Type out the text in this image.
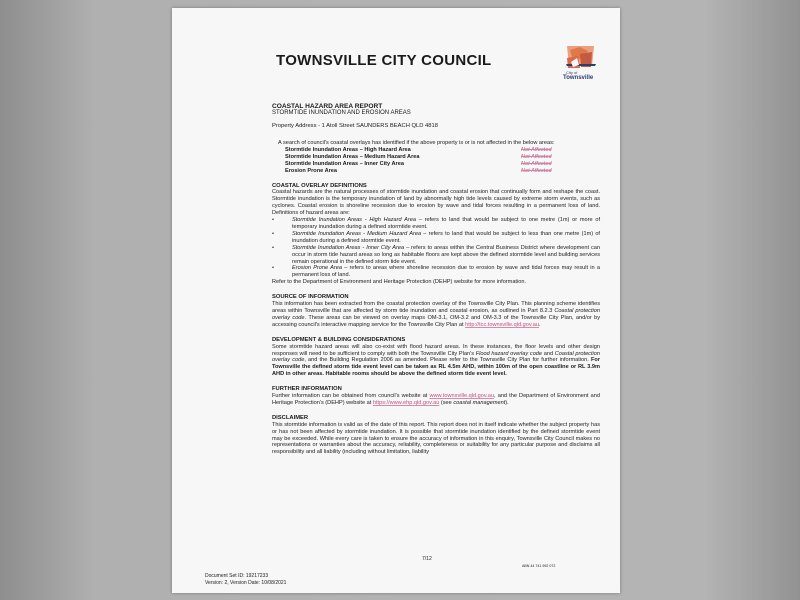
TOWNSVILLE CITY COUNCIL
City of
Townsville
COASTAL HAZARD AREA REPORT
STORMTIDE INUNDATION AND EROSION AREAS
Property Address - 1 Atoll Street SAUNDERS BEACH QLD 4818
A search of council's coastal overlays has identified if the above property is or is not affected in the below areas:
Stormtide Inundation Areas – High Hazard Area	Not Affected
Stormtide Inundation Areas – Medium Hazard Area	Not Affected
Stormtide Inundation Areas – Inner City Area	Not Affected
Erosion Prone Area	Not Affected
COASTAL OVERLAY DEFINITIONS

Coastal hazards are the natural processes of stormtide inundation and coastal erosion that continually form and reshape the coast. Stormtide inundation is the temporary inundation of land by abnormally high tide levels caused by extreme storm events, such as cyclones. Coastal erosion is shoreline recession due to erosion by wave and tidal forces resulting in a permanent loss of land. Definitions of hazard areas are:

•	Stormtide Inundation Areas - High Hazard Area – refers to land that would be subject to one metre (1m) or more of temporary inundation during a defined stormtide event.
•	Stormtide Inundation Areas - Medium Hazard Area – refers to land that would be subject to less than one metre (1m) of inundation during a defined stormtide event.
•	Stormtide Inundation Areas - Inner City Area – refers to areas within the Central Business District where development can occur in storm tide hazard areas so long as habitable floors are kept above the defined stormtide level and building services remain operational in the defined storm tide event.
•	Erosion Prone Area – refers to areas where shoreline recession due to erosion by wave and tidal forces may result in a permanent loss of land.

Refer to the Department of Environment and Heritage Protection (DEHP) website for more information.

SOURCE OF INFORMATION

This information has been extracted from the coastal protection overlay of the Townsville City Plan. This planning scheme identifies areas within Townsville that are affected by storm tide inundation and coastal erosion, as outlined in Part 8.2.3 Coastal protection overlay code. These areas can be viewed on overlay maps OM-3.1, OM-3.2 and OM-3.3 of the Townsville City Plan, and/or by accessing council's interactive mapping service for the Townsville City Plan at http://tcc.townsville.qld.gov.au.

DEVELOPMENT & BUILDING CONSIDERATIONS

Some stormtide hazard areas will also co-exist with flood hazard areas. In these instances, the floor levels and other design responses will need to be sufficient to comply with both the Townsville City Plan's Flood hazard overlay code and Coastal protection overlay code, and the Building Regulation 2006 as amended. Please refer to the Townsville City Plan for further information. For Townsville the defined storm tide event level can be taken as RL 4.5m AHD, within 100m of the open coastline or RL 3.9m AHD in other areas. Habitable rooms should be above the defined storm tide event level.

FURTHER INFORMATION

Further information can be obtained from council's website at www.townsville.qld.gov.au, and the Department of Environment and Heritage Protection's (DEHP) website at https://www.ehp.qld.gov.au (see coastal management).

DISCLAIMER

This stormtide information is valid as of the date of this report. This report does not in itself indicate whether the subject property has or has not been affected by stormtide inundation. It is possible that stormtide inundation identified by the defined stormtide event may be exceeded. While every care is taken to ensure the accuracy of information in this enquiry, Townsville City Council makes no representations or warranties about the accuracy, reliability, completeness or suitability for any particular purpose and disclaims all responsibility and all liability (including without limitation, liability

7/12
ABN 44 741 992 072
Document Set ID: 19217233
Version: 2, Version Date: 10/08/2021
